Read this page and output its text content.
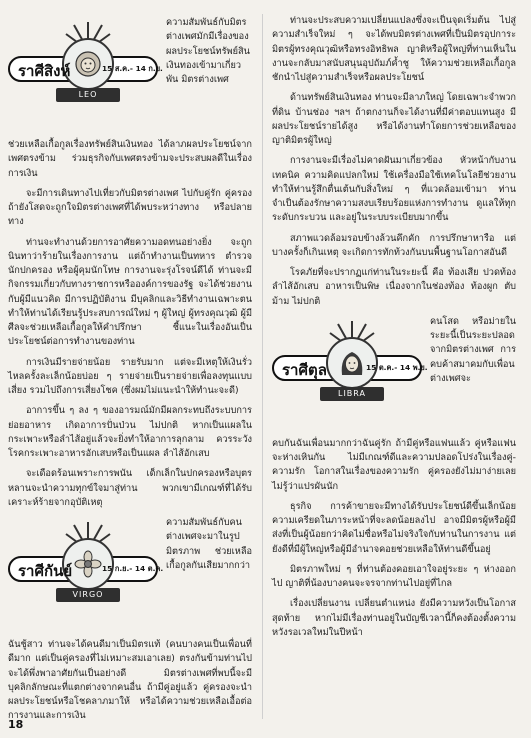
ราศีสิงห์	15 ส.ค.- 14 ก.ย.
LEO

ความสัมพันธ์กับมิตรต่างเพศมักมีเรื่องของผลประโยชน์ทรัพย์สินเงินทองเข้ามาเกี่ยวพัน มิตรต่างเพศ

ช่วยเหลือเกื้อกูลเรื่องทรัพย์สินเงินทอง ได้ลาภผลประโยชน์จากเพศตรงข้าม ร่วมธุรกิจกับเพศตรงข้ามจะประสบผลดีในเรื่องการเงิน

จะมีการเดินทางไปเที่ยวกับมิตรต่างเพศ ไปกับคู่รัก คู่ครอง ถ้ายังโสดจะถูกใจมิตรต่างเพศที่ได้พบระหว่างทาง หรือปลายทาง

ท่านจะทำงานด้วยการอาศัยความอดทนอย่างยิ่ง จะถูกนินทาว่าร้ายในเรื่องการงาน แต่ถ้าทำงานเป็นทหาร ตำรวจ นักปกครอง หรือผู้คุมนักโทษ การงานจะรุ่งโรจน์ดีได้ ท่านจะมีกิจกรรมเกี่ยวกับทางราชการหรือองค์การของรัฐ จะได้ช่วยงานกับผู้มีแนวคิด มีการปฏิบัติงาน มีบุคลิกและวิธีทำงานเฉพาะตนทำให้ท่านได้เรียนรู้ประสบการณ์ใหม่ ๆ ผู้ใหญ่ ผู้ทรงคุณวุฒิ ผู้มีศีลจะช่วยเหลือเกื้อกูลให้คำปรึกษา ชี้แนะในเรื่องอันเป็นประโยชน์ต่อการทำงานของท่าน

การเงินมีรายจ่ายน้อย รายรับมาก แต่จะมีเหตุให้เงินรั่วไหลครั้งละเล็กน้อยบ่อย ๆ รายจ่ายเป็นรายจ่ายเพื่อลงทุนแบบเสี่ยง รวมไปถึงการเสี่ยงโชค (ซึ่งผมไม่แนะนำให้ทำนะจะดี)

อาการขึ้น ๆ ลง ๆ ของอารมณ์มักมีผลกระทบถึงระบบการย่อยอาหาร เกิดอาการปั่นป่วน ไม่ปกติ หากเป็นแผลในกระเพาะหรือลำไส้อยู่แล้วจะยิ่งทำให้อาการลุกลาม ควรระวังโรคกระเพาะอาหารอักเสบหรือเป็นแผล ลำไส้อักเสบ

จะเดือดร้อนเพราะการพนัน เด็กเล็กในปกครองหรือบุตรหลานจะนำความทุกข์ใจมาสู่ท่าน พวกเขามีเกณฑ์ที่ได้รับเคราะห์ร้ายจากอุบัติเหตุ

ราศีกันย์	15 ก.ย.- 14 ต.ค.
VIRGO

ความสัมพันธ์กับคนต่างเพศจะมาในรูปมิตรภาพ ช่วยเหลือเกื้อกูลกันเสียมากกว่า

ฉันชู้สาว ท่านจะได้คนดีมาเป็นมิตรแท้ (คนบางคนเป็นเพื่อนที่ดีมาก แต่เป็นคู่ครองที่ไม่เหมาะสมเอาเลย) ตรงกันข้ามท่านไปจะได้พึ่งพาอาศัยกันเป็นอย่างดี มิตรต่างเพศที่พบนี้จะมีบุคลิกลักษณะที่แตกต่างจากคนอื่น ถ้ามีคู่อยู่แล้ว คู่ครองจะนำผลประโยชน์หรือโชคลาภมาให้ หรือได้ความช่วยเหลือเอื้อต่อการงานและการเงิน

ท่านจะประสบความเปลี่ยนแปลงซึ่งจะเป็นจุดเริ่มต้น ไปสู่ความสำเร็จใหม่ ๆ จะได้พบมิตรต่างเพศที่เป็นมิตรอุปการะ มิตรผู้ทรงคุณวุฒิหรือทรงอิทธิพล ญาติหรือผู้ใหญ่ที่ท่านเห็นในงานจะกลับมาสนับสนุนอุปถัมภ์ค้ำชู ให้ความช่วยเหลือเกื้อกูล ชักนำไปสู่ความสำเร็จหรือผลประโยชน์

ด้านทรัพย์สินเงินทอง ท่านจะมีลาภใหญ่ โดยเฉพาะจำพวกที่ดิน บ้านช่อง ฯลฯ ถ้าตกงานก็จะได้งานที่มีค่าตอบแทนสูง มีผลประโยชน์รายได้สูง หรือได้งานทำโดยการช่วยเหลือของญาติมิตรผู้ใหญ่

การงานจะมีเรื่องไม่คาดฝันมาเกี่ยวข้อง หัวหน้ากับงานเทคนิค ความคิดแปลกใหม่ ใช้เครื่องมือใช้เทคโนโลยีช่วยงาน ทำให้ท่านรู้สึกตื่นเต้นกับสิ่งใหม่ ๆ ที่แวดล้อมเข้ามา ท่านจำเป็นต้องรักษาความสงบเรียบร้อยแห่งการทำงาน ดูแลให้ทุกระดับกระบวน และอยู่ในระบบระเบียบมากขึ้น

สภาพแวดล้อมรอบข้างล้วนคึกคัก การปรึกษาหารือ แต่บางครั้งก็เกินเหตุ จะเกิดการทักท้วงกันบนพื้นฐานโอกาสอันดี

โรคภัยที่จะปรากฏแก่ท่านในระยะนี้ คือ ท้องเสีย ปวดท้อง ลำไส้อักเสบ อาหารเป็นพิษ เนื่องจากในช่องท้อง ท้องผูก ตับ ม้าม ไม่ปกติ

ราศีตุล	15 ต.ค.- 14 พ.ย.
LIBRA

คนโสด หรือม่ายในระยะนี้เป็นระยะปลอดจากมิตรต่างเพศ การคบค้าสมาคมกับเพื่อนต่างเพศจะ

คบกันฉันเพื่อนมากกว่าฉันคู่รัก ถ้ามีคู่หรือแฟนแล้ว คู่หรือแฟนจะห่างเหินกัน ไม่มีเกณฑ์ดีและความปลอดโปร่งในเรื่องคู่-ความรัก โอกาสในเรื่องของความรัก คู่ครองยังไม่มาง่ายเลย ไม่รู้ว่าแปรผันนัก

ธุรกิจ การค้าขายจะมีทางได้รับประโยชน์ดีขึ้นเล็กน้อย ความเครียดในภาระหน้าที่จะลดน้อยลงไป อาจมีมิตรผู้หรือผู้มีส่งที่เป็นผู้น้อยกว่าคิดไม่ซื่อหรือไม่จริงใจกับท่านในการงาน แต่ยังดีที่มีผู้ใหญ่หรือผู้มีอำนาจคอยช่วยเหลือให้ท่านดีขึ้นอยู่

มิตรภาพใหม่ ๆ ที่ท่านต้องคอยเอาใจอยู่ระยะ ๆ ห่างออกไป ญาติที่น้องบางคนจะจรจากท่านไปอยู่ที่ไกล

เรื่องเปลี่ยนงาน เปลี่ยนตำแหน่ง ยังมีความหวังเป็นโอกาสสุดท้าย หากไม่มีเรื่องท่านอยู่ในบัญชีเวลานี้ก็คงต้องตั้งความหวังรอเวลใหม่ในปีหน้า

18
